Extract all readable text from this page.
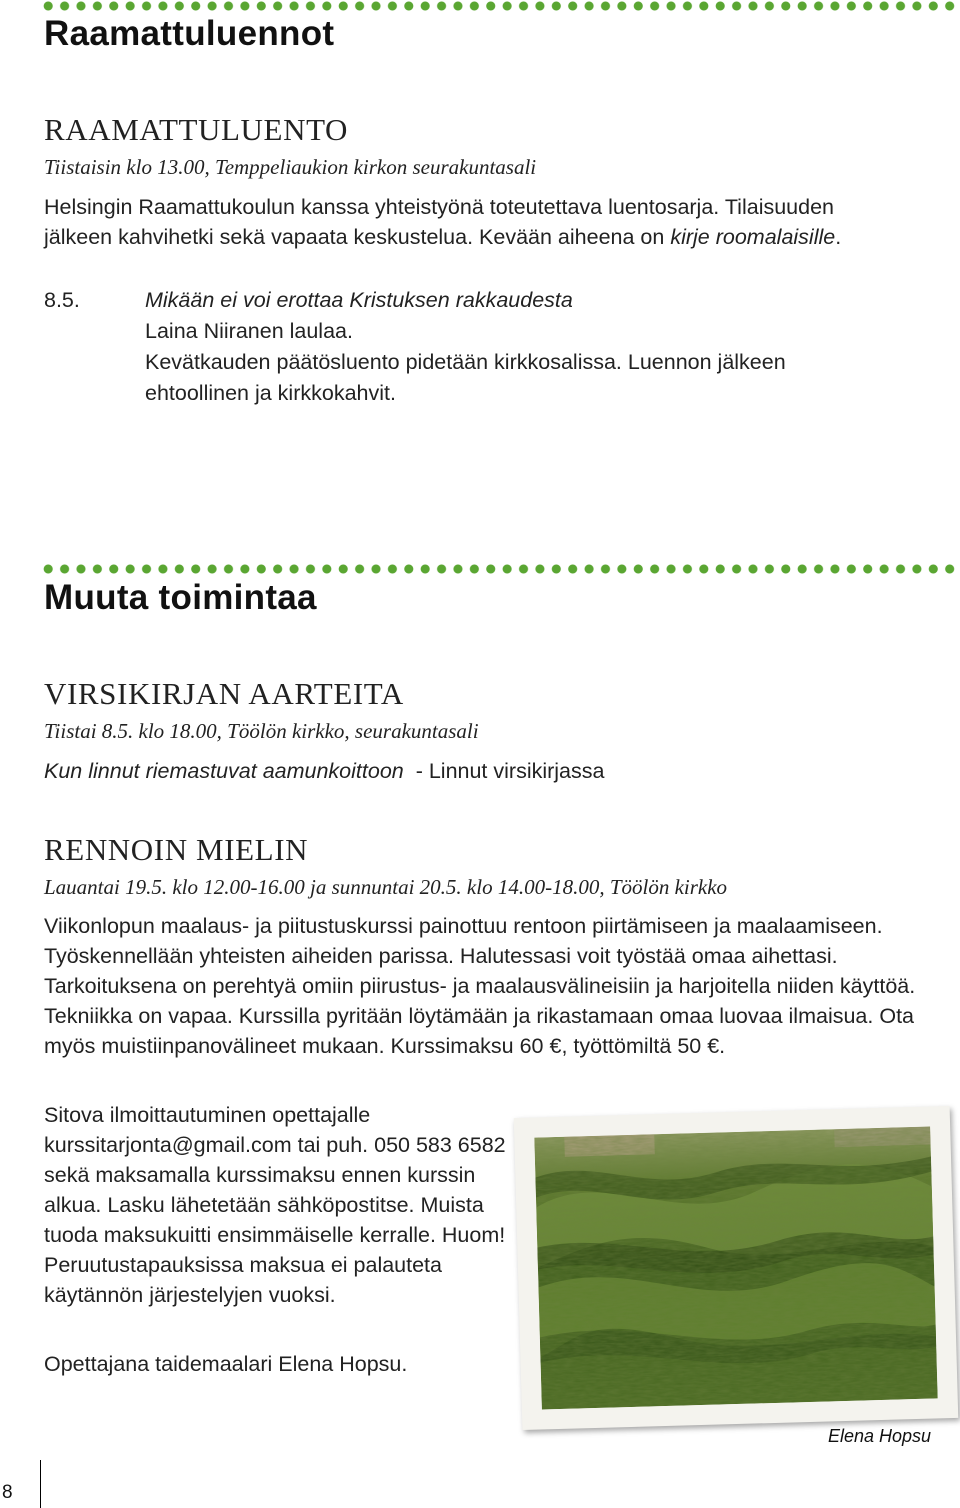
Raamattuluennot
RAAMATTULUENTO

Tiistaisin klo 13.00, Temppeliaukion kirkon seurakuntasali

Helsingin Raamattukoulun kanssa yhteistyönä toteutettava luentosarja. Tilaisuuden jälkeen kahvihetki sekä vapaata keskustelua. Kevään aiheena on kirje roomalaisille.

8.5.	Mikään ei voi erottaa Kristuksen rakkaudesta
Laina Niiranen laulaa.
Kevätkauden päätösluento pidetään kirkkosalissa. Luennon jälkeen
ehtoollinen ja kirkkokahvit.
Muuta toimintaa
VIRSIKIRJAN AARTEITA

Tiistai 8.5. klo 18.00, Töölön kirkko, seurakuntasali

Kun linnut riemastuvat aamunkoittoon  - Linnut virsikirjassa

RENNOIN MIELIN

Lauantai 19.5. klo 12.00-16.00 ja sunnuntai 20.5. klo 14.00-18.00, Töölön kirkko

Viikonlopun maalaus- ja piitustuskurssi painottuu rentoon piirtämiseen ja maalaamiseen. Työskennellään yhteisten aiheiden parissa. Halutessasi voit työstää omaa aihettasi. Tarkoituksena on perehtyä omiin piirustus- ja maalausvälineisiin ja harjoitella niiden käyttöä. Tekniikka on vapaa. Kurssilla pyritään löytämään ja rikastamaan omaa luovaa ilmaisua. Ota myös muistiinpanovälineet mukaan. Kurssimaksu 60 €, työttömiltä 50 €.

Sitova ilmoittautuminen opettajalle kurssitarjonta@gmail.com tai puh. 050 583 6582 sekä maksamalla kurssimaksu ennen kurssin alkua. Lasku lähetetään sähköpostitse. Muista tuoda maksukuitti ensimmäiselle kerralle. Huom! Peruutustapauksissa maksua ei palauteta käytännön järjestelyjen vuoksi.

Opettajana taidemaalari Elena Hopsu.

Elena Hopsu

8
